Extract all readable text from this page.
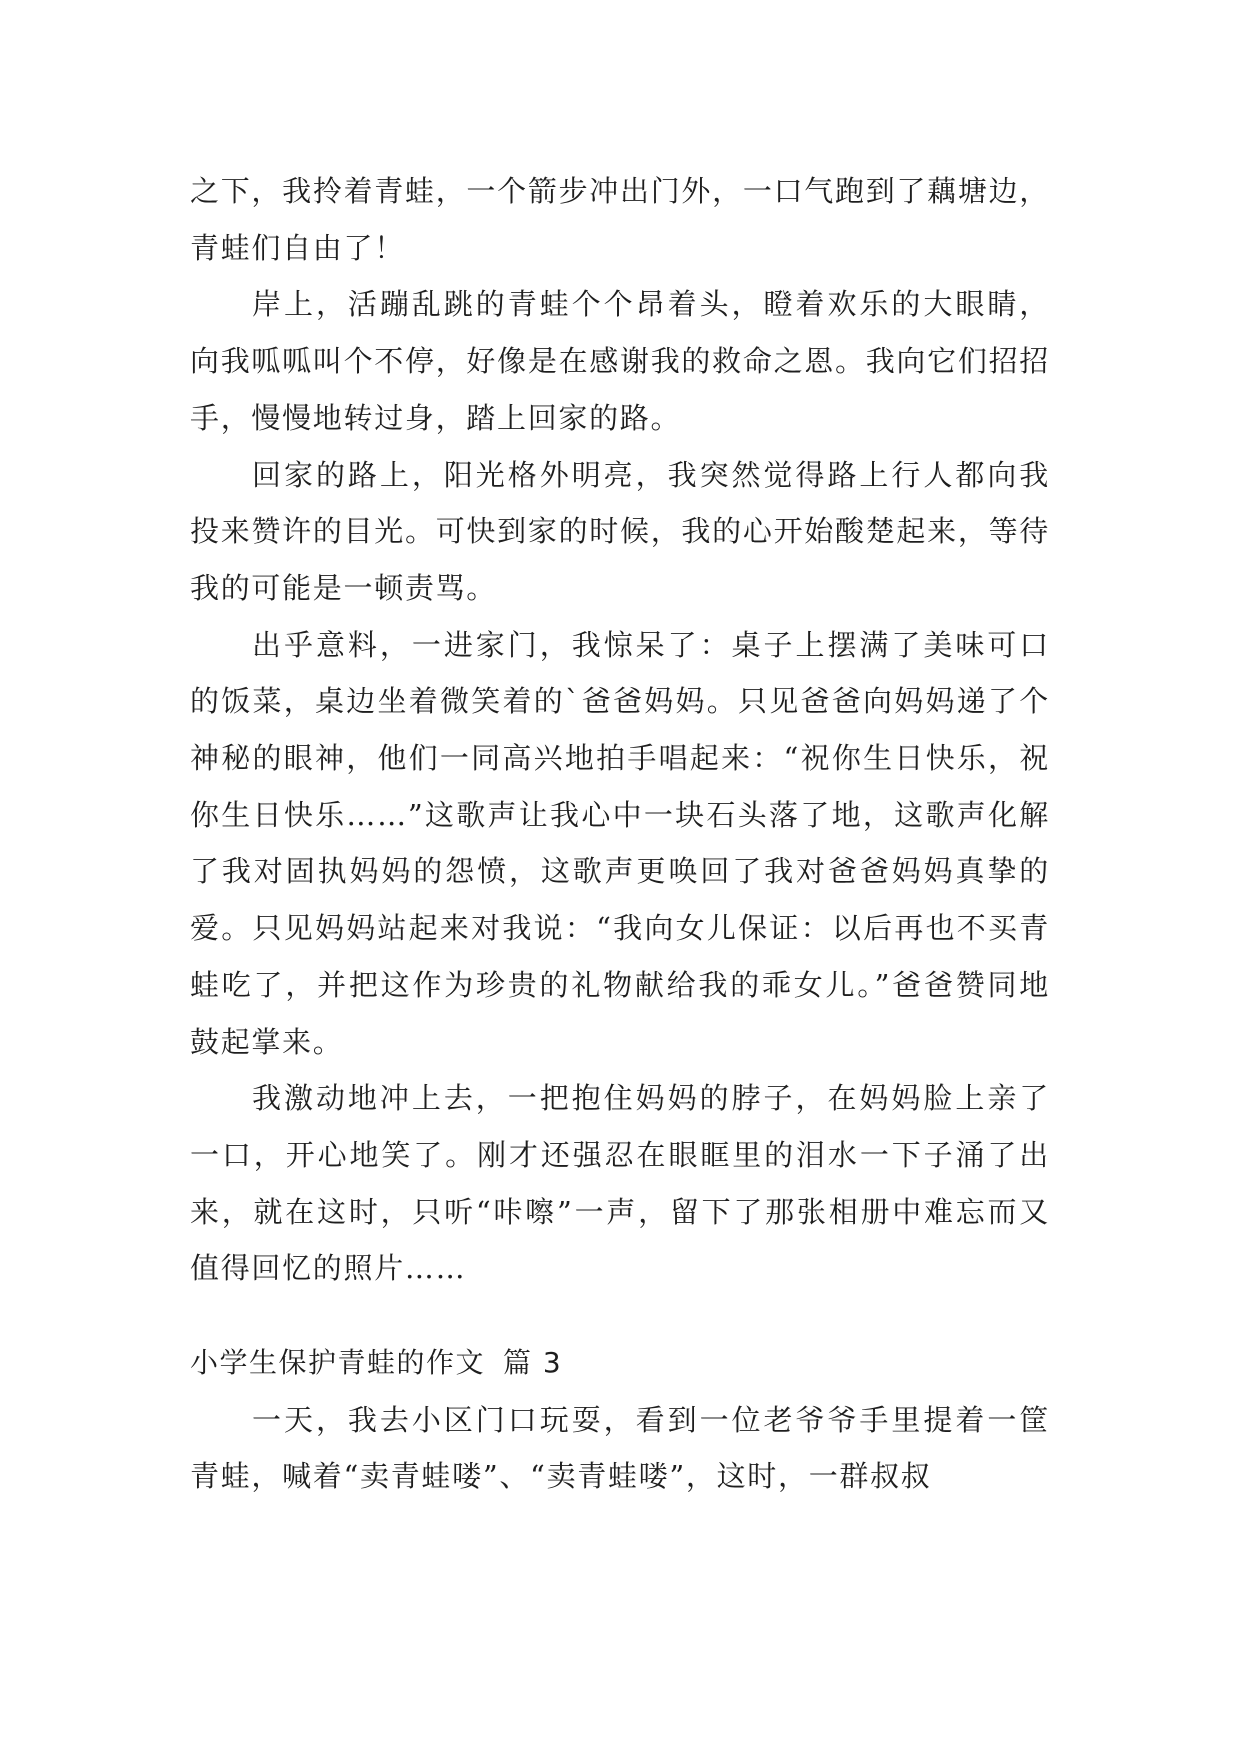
之下，我拎着青蛙，一个箭步冲出门外，一口气跑到了藕塘边，青蛙们自由了！

岸上，活蹦乱跳的青蛙个个昂着头，瞪着欢乐的大眼睛，向我呱呱叫个不停，好像是在感谢我的救命之恩。我向它们招招手，慢慢地转过身，踏上回家的路。

回家的路上，阳光格外明亮，我突然觉得路上行人都向我投来赞许的目光。可快到家的时候，我的心开始酸楚起来，等待我的可能是一顿责骂。

出乎意料，一进家门，我惊呆了：桌子上摆满了美味可口的饭菜，桌边坐着微笑着的`爸爸妈妈。只见爸爸向妈妈递了个神秘的眼神，他们一同高兴地拍手唱起来：“祝你生日快乐，祝你生日快乐……”这歌声让我心中一块石头落了地，这歌声化解了我对固执妈妈的怨愤，这歌声更唤回了我对爸爸妈妈真挚的爱。只见妈妈站起来对我说：“我向女儿保证：以后再也不买青蛙吃了，并把这作为珍贵的礼物献给我的乖女儿。”爸爸赞同地鼓起掌来。

我激动地冲上去，一把抱住妈妈的脖子，在妈妈脸上亲了一口，开心地笑了。刚才还强忍在眼眶里的泪水一下子涌了出来，就在这时，只听“咔嚓”一声，留下了那张相册中难忘而又值得回忆的照片……

小学生保护青蛙的作文 篇 3

一天，我去小区门口玩耍，看到一位老爷爷手里提着一筐青蛙，喊着“卖青蛙喽”、“卖青蛙喽”，这时，一群叔叔
